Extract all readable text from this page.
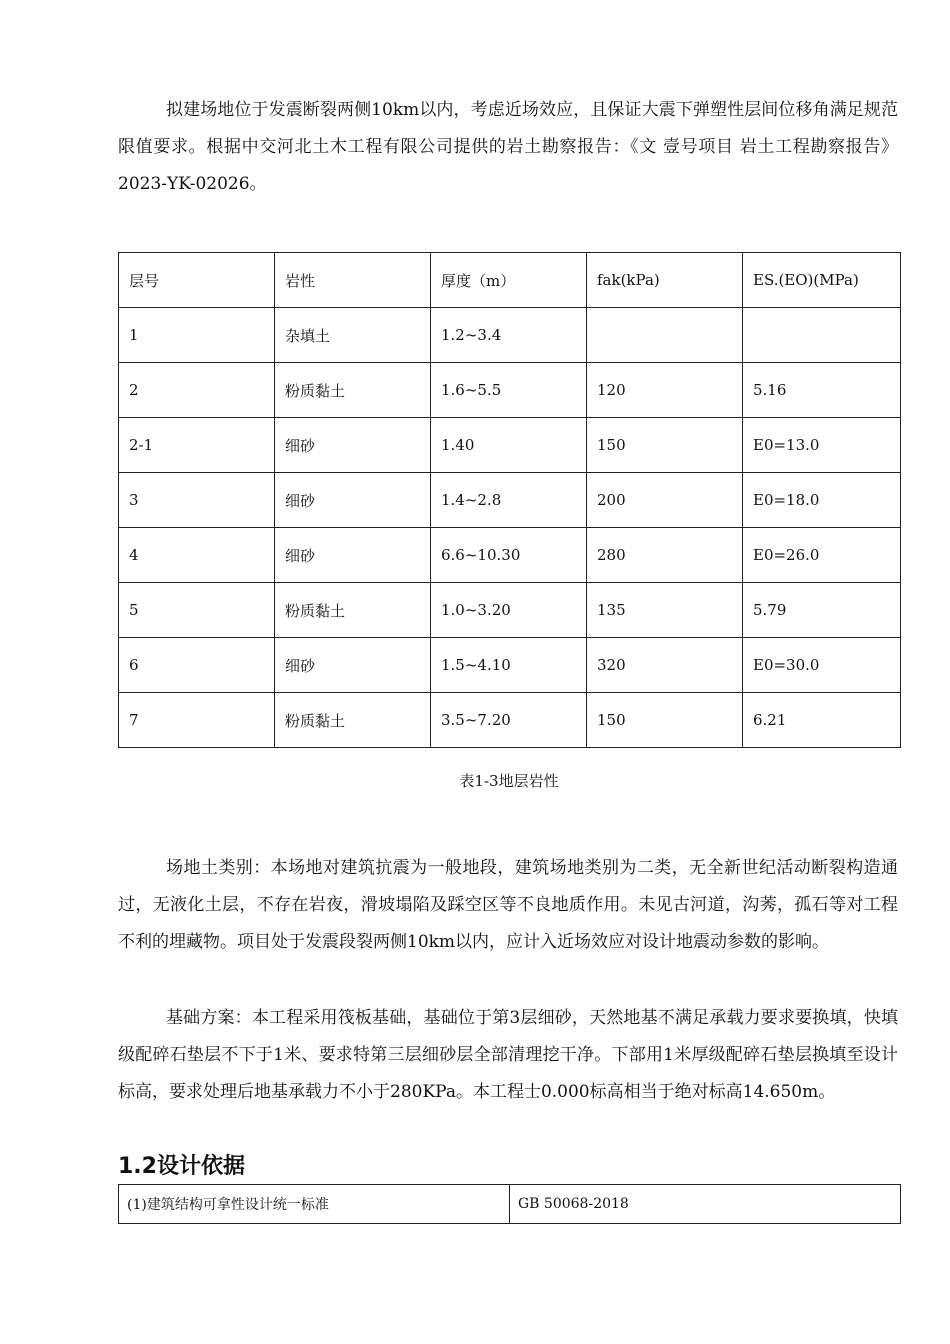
拟建场地位于发震断裂两侧10km以内，考虑近场效应，且保证大震下弹塑性层间位移角满足规范限值要求。根据中交河北土木工程有限公司提供的岩土勘察报告：《文 壹号项目 岩土工程勘察报告》2023-YK-02026。

层号	岩性	厚度（m）	fak(kPa)	ES.(EO)(MPa)
1	杂填土	1.2~3.4		
2	粉质黏土	1.6~5.5	120	5.16
2-1	细砂	1.40	150	E0=13.0
3	细砂	1.4~2.8	200	E0=18.0
4	细砂	6.6~10.30	280	E0=26.0
5	粉质黏土	1.0~3.20	135	5.79
6	细砂	1.5~4.10	320	E0=30.0
7	粉质黏土	3.5~7.20	150	6.21
表1-3地层岩性

场地土类别：本场地对建筑抗震为一般地段，建筑场地类别为二类，无全新世纪活动断裂构造通过，无液化土层，不存在岩夜，滑坡塌陷及踩空区等不良地质作用。未见古河道，沟莠，孤石等对工程不利的埋藏物。项目处于发震段裂两侧10km以内，应计入近场效应对设计地震动参数的影响。

基础方案：本工程采用筏板基础，基础位于第3层细砂，天然地基不满足承载力要求要换填，快填级配碎石垫层不下于1米、要求特第三层细砂层全部清理挖干净。下部用1米厚级配碎石垫层换填至设计标高，要求处理后地基承载力不小于280KPa。本工程士0.000标高相当于绝对标高14.650m。

1.2设计依据
(1)建筑结构可拿性设计统一标准	GB 50068-2018
